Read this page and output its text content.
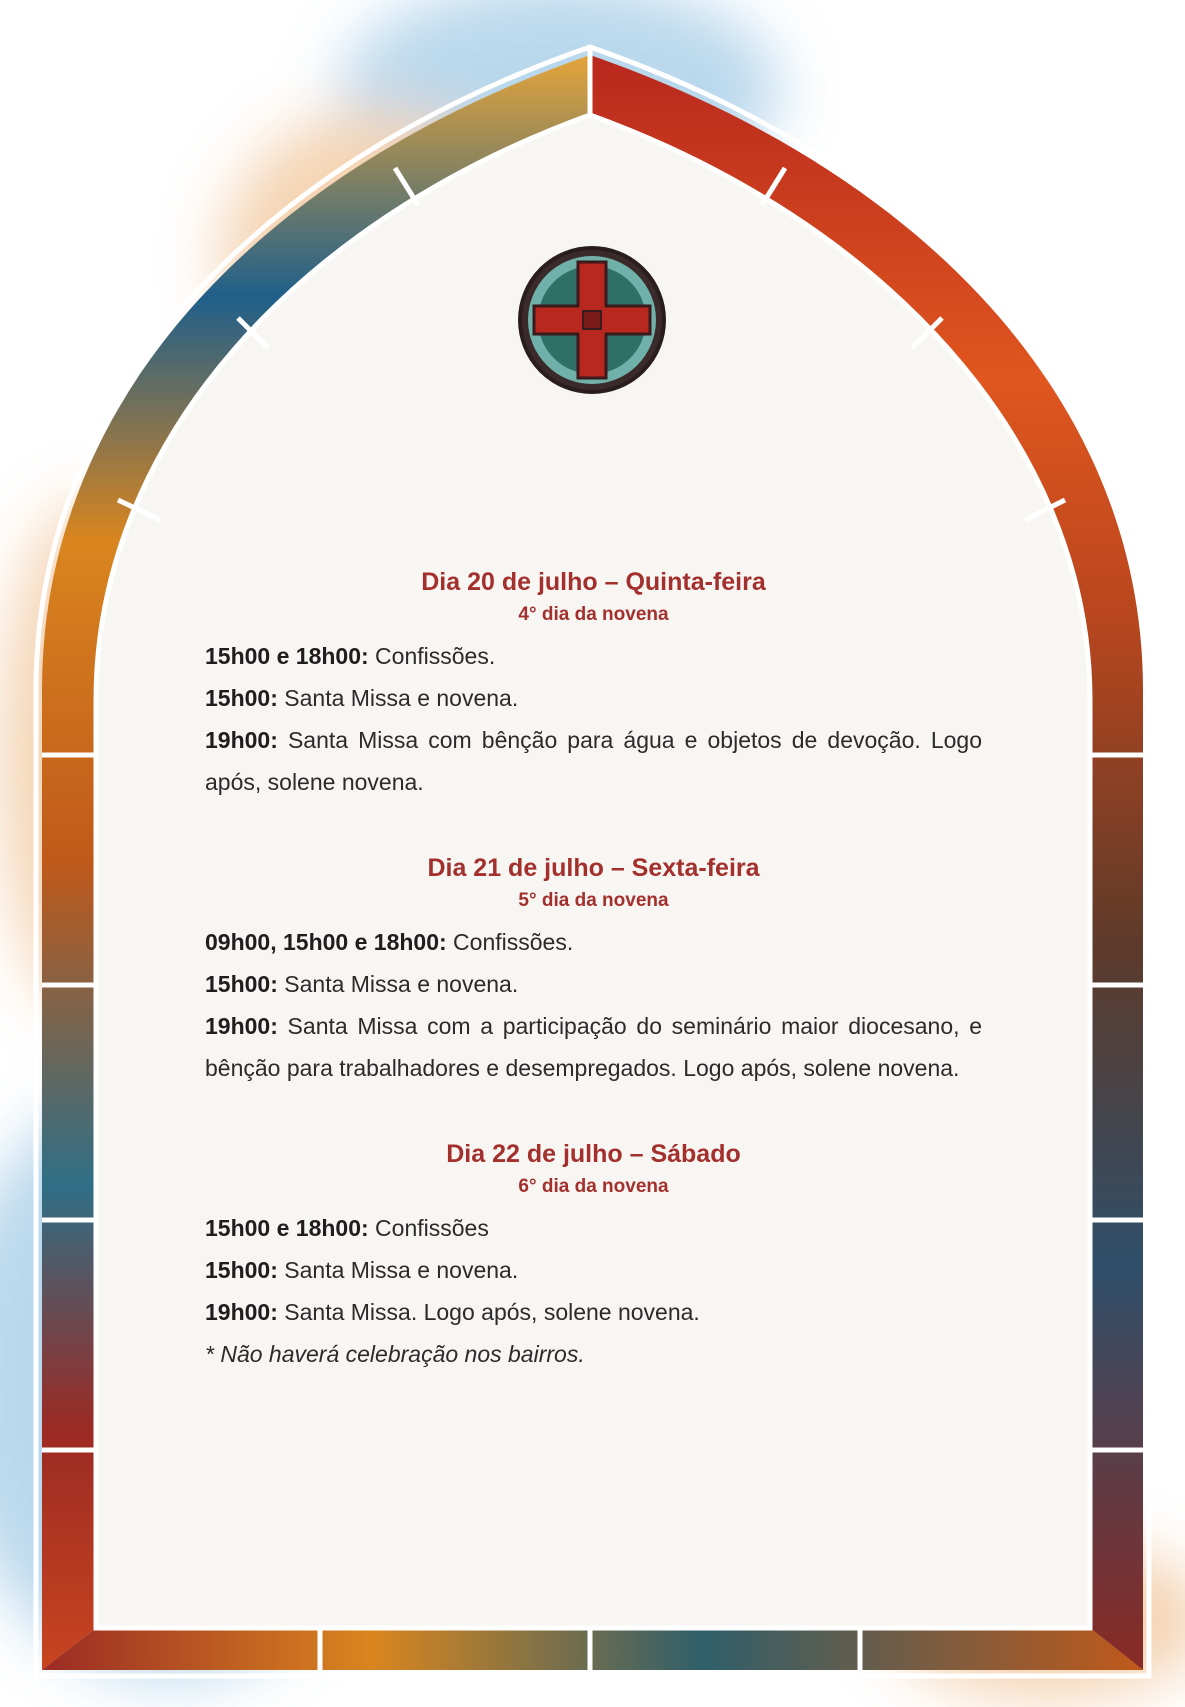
Dia 20 de julho – Quinta-feira

4° dia da novena

15h00 e 18h00: Confissões.

15h00: Santa Missa e novena.

19h00: Santa Missa com bênção para água e objetos de devoção. Logo após, solene novena.

Dia 21 de julho – Sexta-feira

5° dia da novena

09h00, 15h00 e 18h00: Confissões.

15h00: Santa Missa e novena.

19h00: Santa Missa com a participação do seminário maior diocesano, e bênção para trabalhadores e desempregados. Logo após, solene novena.

Dia 22 de julho – Sábado

6° dia da novena

15h00 e 18h00: Confissões

15h00: Santa Missa e novena.

19h00: Santa Missa. Logo após, solene novena.

* Não haverá celebração nos bairros.
